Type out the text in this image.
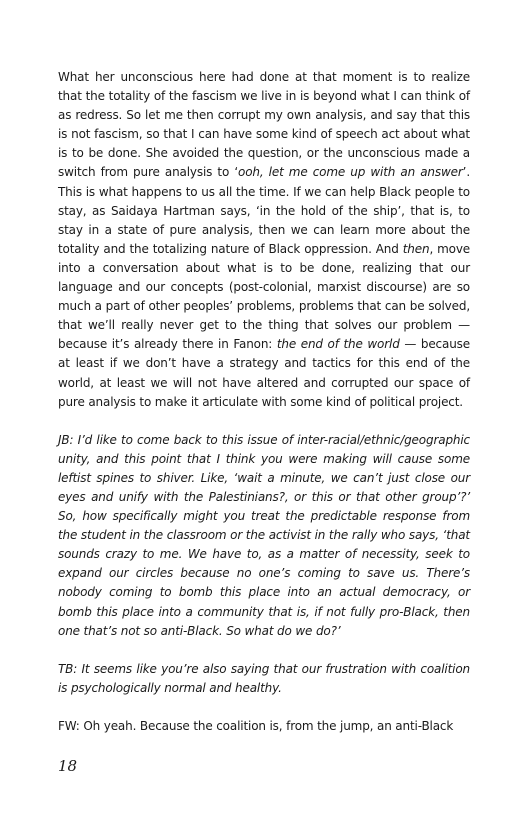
What her unconscious here had done at that moment is to realize that the totality of the fascism we live in is beyond what I can think of as redress. So let me then corrupt my own analysis, and say that this is not fascism, so that I can have some kind of speech act about what is to be done. She avoided the question, or the unconscious made a switch from pure analysis to ‘ooh, let me come up with an answer’. This is what happens to us all the time. If we can help Black people to stay, as Saidaya Hartman says, ‘in the hold of the ship’, that is, to stay in a state of pure analysis, then we can learn more about the totality and the totalizing nature of Black oppression. And then, move into a conversation about what is to be done, realizing that our language and our concepts (post-colonial, marxist discourse) are so much a part of other peoples’ problems, problems that can be solved, that we’ll really never get to the thing that solves our problem — because it’s already there in Fanon: the end of the world — because at least if we don’t have a strategy and tactics for this end of the world, at least we will not have altered and corrupted our space of pure analysis to make it articulate with some kind of political project.

JB: I’d like to come back to this issue of inter-racial/ethnic/geographic unity, and this point that I think you were making will cause some leftist spines to shiver. Like, ‘wait a minute, we can’t just close our eyes and unify with the Palestinians?, or this or that other group’?’ So, how specifically might you treat the predictable response from the student in the classroom or the activist in the rally who says, ‘that sounds crazy to me. We have to, as a matter of necessity, seek to expand our circles because no one’s coming to save us. There’s nobody coming to bomb this place into an actual democracy, or bomb this place into a community that is, if not fully pro-Black, then one that’s not so anti-Black. So what do we do?’

TB: It seems like you’re also saying that our frustration with coalition is psychologically normal and healthy.

FW: Oh yeah. Because the coalition is, from the jump, an anti-Black

18
